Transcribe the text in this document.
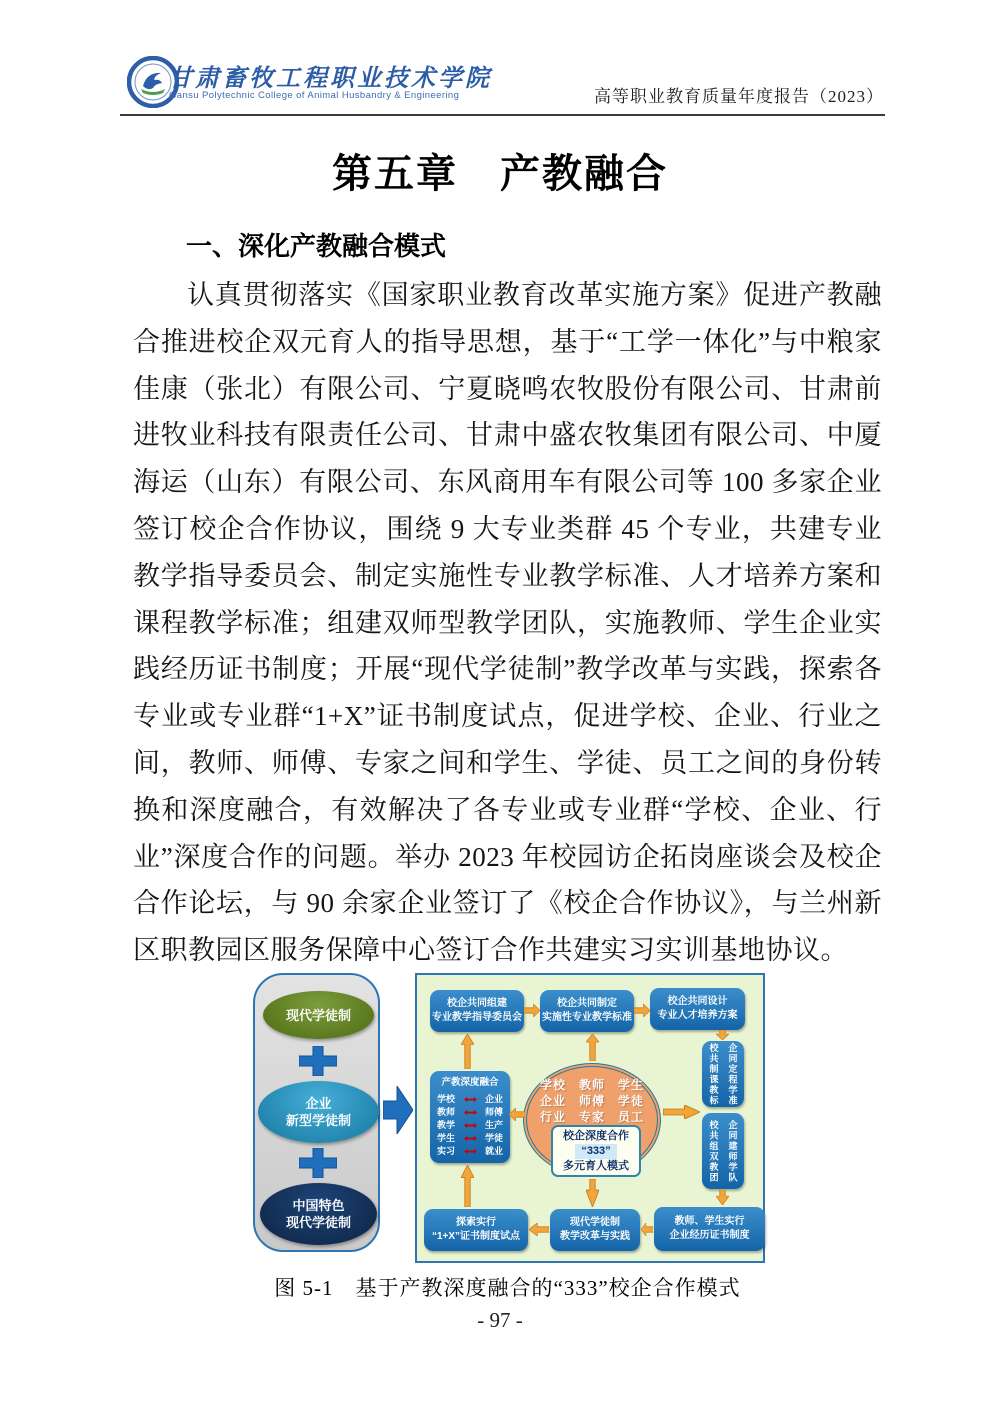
甘肃畜牧工程职业技术学院
Gansu Polytechnic College of Animal Husbandry & Engineering	高等职业教育质量年度报告（2023）
第五章　产教融合
一、深化产教融合模式
认真贯彻落实《国家职业教育改革实施方案》促进产教融合推进校企双元育人的指导思想，基于“工学一体化”与中粮家佳康（张北）有限公司、宁夏晓鸣农牧股份有限公司、甘肃前进牧业科技有限责任公司、甘肃中盛农牧集团有限公司、中厦海运（山东）有限公司、东风商用车有限公司等 100 多家企业签订校企合作协议，围绕 9 大专业类群 45 个专业，共建专业教学指导委员会、制定实施性专业教学标准、人才培养方案和课程教学标准；组建双师型教学团队，实施教师、学生企业实践经历证书制度；开展“现代学徒制”教学改革与实践，探索各专业或专业群“1+X”证书制度试点，促进学校、企业、行业之间，教师、师傅、专家之间和学生、学徒、员工之间的身份转换和深度融合，有效解决了各专业或专业群“学校、企业、行业”深度合作的问题。举办 2023 年校园访企拓岗座谈会及校企合作论坛，与 90 余家企业签订了《校企合作协议》，与兰州新区职教园区服务保障中心签订合作共建实习实训基地协议。
现代学徒制
企业
新型学徒制
中国特色
现代学徒制
校企共同组建
专业教学指导委员会
校企共同制定
实施性专业教学标准
校企共同设计
专业人才培养方案
产教深度融合
学校	企业
教师	师傅
教学	生产
学生	学徒
实习	就业
学校　教师　学生
企业　师傅　学徒
行业　专家　员工
校企深度合作
“333”
多元育人模式
校共制课教标 企同定程学准
校共组双教团 企同建师学队
探索实行
“1+X”证书制度试点
现代学徒制
教学改革与实践
教师、学生实行
企业经历证书制度
图 5-1　基于产教深度融合的“333”校企合作模式
- 97 -
